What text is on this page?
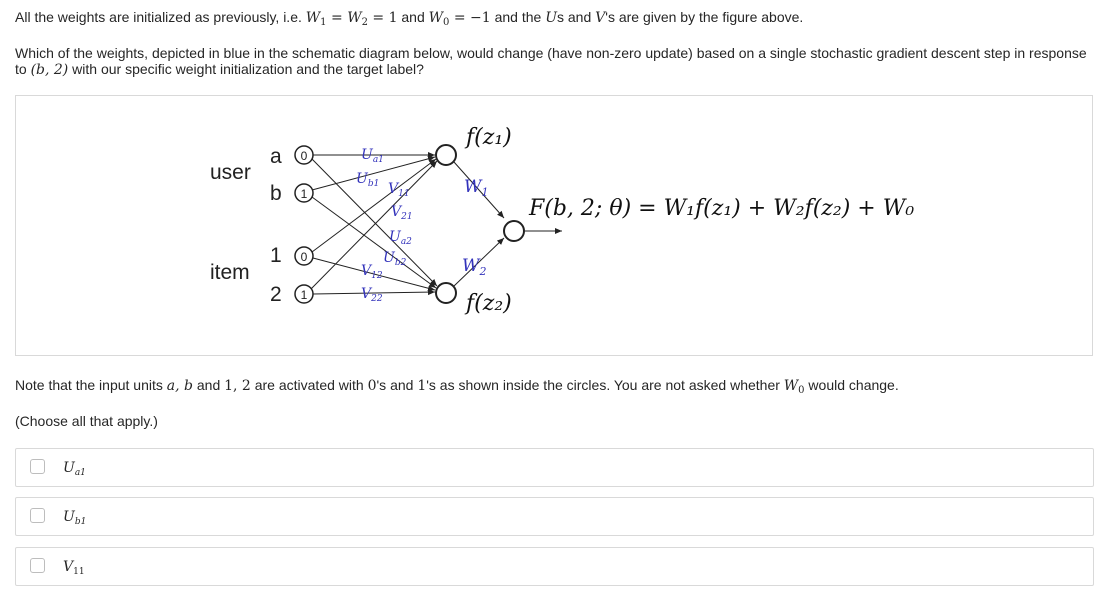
All the weights are initialized as previously, i.e. $W_1 = W_2 = 1$ and $W_0 = -1$ and the Us and V's are given by the figure above.

Which of the weights, depicted in blue in the schematic diagram below, would change (have non-zero update) based on a single stochastic gradient descent step in response
to (b, 2) with our specific weight initialization and the target label?

user
item
a
b
1
2
0
1
0
1
f(z₁)
f(z₂)
F(b, 2; θ) = W₁f(z₁) + W₂f(z₂) + W₀
$U_{a1}$
$U_{b1}$ $V_{11}$
$V_{21}$
$U_{a2}$
$U_{b2}$
$V_{12}$
$V_{22}$
$W_1$
$W_2$

Note that the input units a, b and 1, 2 are activated with 0's and 1's as shown inside the circles. You are not asked whether $W_0$ would change.

(Choose all that apply.)

$U_{a1}$
$U_{b1}$
$V_{11}$
